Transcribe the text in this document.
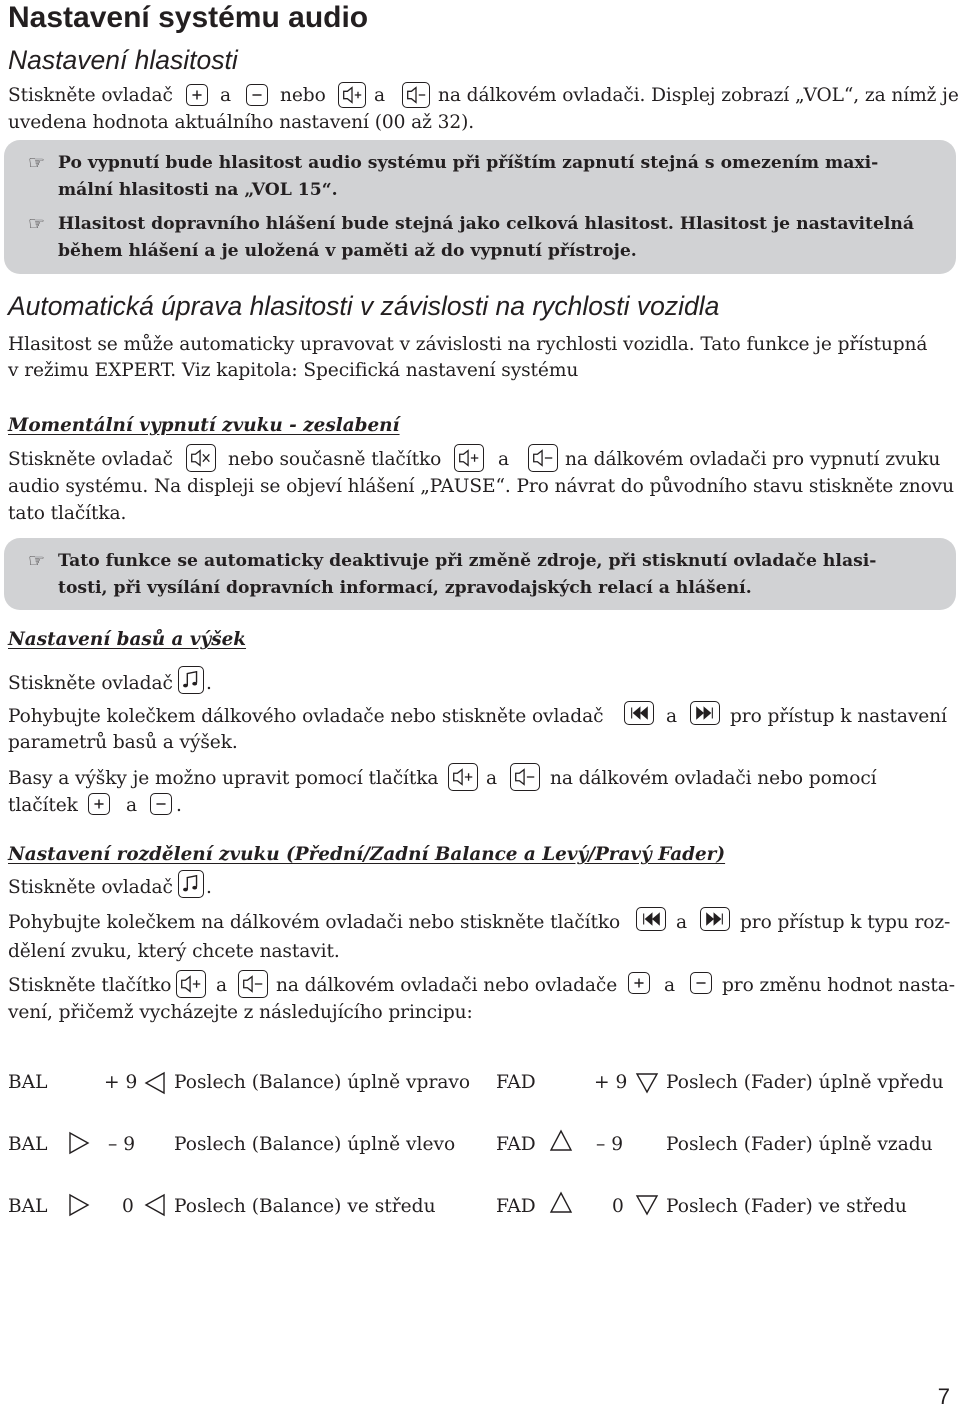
Nastavení systému audio
Nastavení hlasitosti
Stiskněte ovladač	a	nebo	a	na dálkovém ovladači. Displej zobrazí „VOL“, za nímž je
uvedena hodnota aktuálního nastavení (00 až 32).
☞ Po vypnutí bude hlasitost audio systému při příštím zapnutí stejná s omezením maxi-
mální hlasitosti na „VOL 15“.
☞ Hlasitost dopravního hlášení bude stejná jako celková hlasitost. Hlasitost je nastavitelná
během hlášení a je uložená v paměti až do vypnutí přístroje.
Automatická úprava hlasitosti v závislosti na rychlosti vozidla
Hlasitost se může automaticky upravovat v závislosti na rychlosti vozidla. Tato funkce je přístupná
v režimu EXPERT. Viz kapitola: Specifická nastavení systému
Momentální vypnutí zvuku - zeslabení
Stiskněte ovladač	nebo současně tlačítko	a	na dálkovém ovladači pro vypnutí zvuku
audio systému. Na displeji se objeví hlášení „PAUSE“. Pro návrat do původního stavu stiskněte znovu
tato tlačítka.
☞ Tato funkce se automaticky deaktivuje při změně zdroje, při stisknutí ovladače hlasi-
tosti, při vysílání dopravních informací, zpravodajských relací a hlášení.
Nastavení basů a výšek
Stiskněte ovladač .
Pohybujte kolečkem dálkového ovladače nebo stiskněte ovladač	a	pro přístup k nastavení
parametrů basů a výšek.
Basy a výšky je možno upravit pomocí tlačítka	a	na dálkovém ovladači nebo pomocí
tlačítek	a .
Nastavení rozdělení zvuku (Přední/Zadní Balance a Levý/Pravý Fader)
Stiskněte ovladač .
Pohybujte kolečkem na dálkovém ovladači nebo stiskněte tlačítko	a	pro přístup k typu roz-
dělení zvuku, který chcete nastavit.
Stiskněte tlačítko a	na dálkovém ovladači nebo ovladače	a	pro změnu hodnot nasta-
vení, přičemž vycházejte z následujícího principu:
BAL	+ 9 Poslech (Balance) úplně vpravo FAD	+ 9 Poslech (Fader) úplně vpředu
BAL	– 9 Poslech (Balance) úplně vlevo FAD	– 9 Poslech (Fader) úplně vzadu
BAL	0 Poslech (Balance) ve středu	FAD	0 Poslech (Fader) ve středu
7
